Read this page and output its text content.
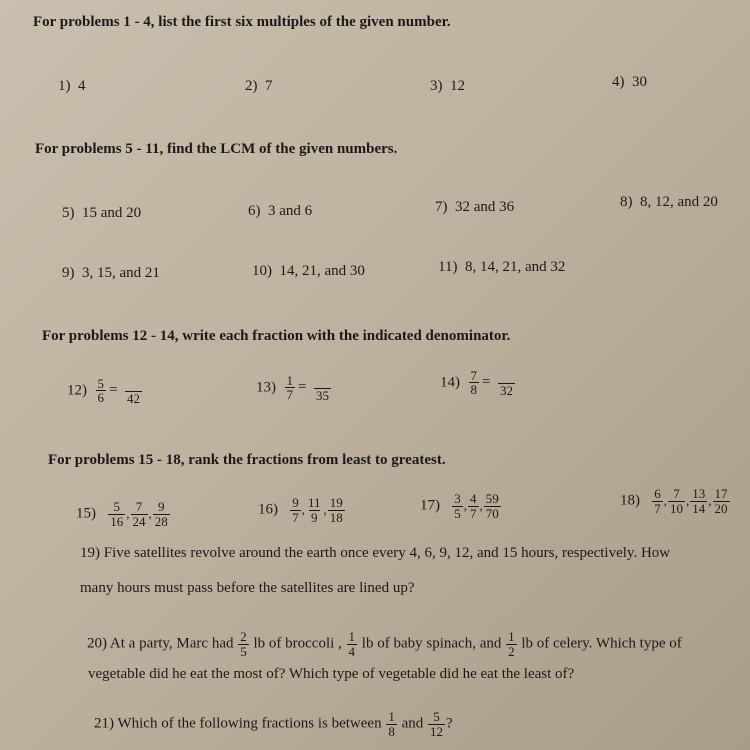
For problems 1 - 4, list the first six multiples of the given number.
1) 4	2) 7	3) 12	4) 30
For problems 5 - 11, find the LCM of the given numbers.
5) 15 and 20	6) 3 and 6	7) 32 and 36	8) 8, 12, and 20
9) 3, 15, and 21	10) 14, 21, and 30	11) 8, 14, 21, and 32
For problems 12 - 14, write each fraction with the indicated denominator.
$12) \frac{5}{6}$ =
42
$13) \frac{1}{7}$ =
35
$14) \frac{7}{8}$ =
32
For problems 15 - 18, rank the fractions from least to greatest.
$15) \frac{5}{16}$ , $\frac{7}{24}$ , $\frac{9}{28}$	$16) \frac{9}{7}$ , $\frac{11}{9}$ , $\frac{19}{18}$	$17) \frac{3}{5}$ , $\frac{4}{7}$ , $\frac{59}{70}$	$18) \frac{6}{7}$ , $\frac{7}{10}$ , $\frac{13}{14}$ , $\frac{17}{20}$
19) Five satellites revolve around the earth once every 4, 6, 9, 12, and 15 hours, respectively. How
many hours must pass before the satellites are lined up?
20) At a party, Marc had $\frac{2}{5}$ lb of broccoli , $\frac{1}{4}$ lb of baby spinach, and $\frac{1}{2}$ lb of celery. Which type of
vegetable did he eat the most of? Which type of vegetable did he eat the least of?
21) Which of the following fractions is between $\frac{1}{8}$ and $\frac{5}{12}$ ?
